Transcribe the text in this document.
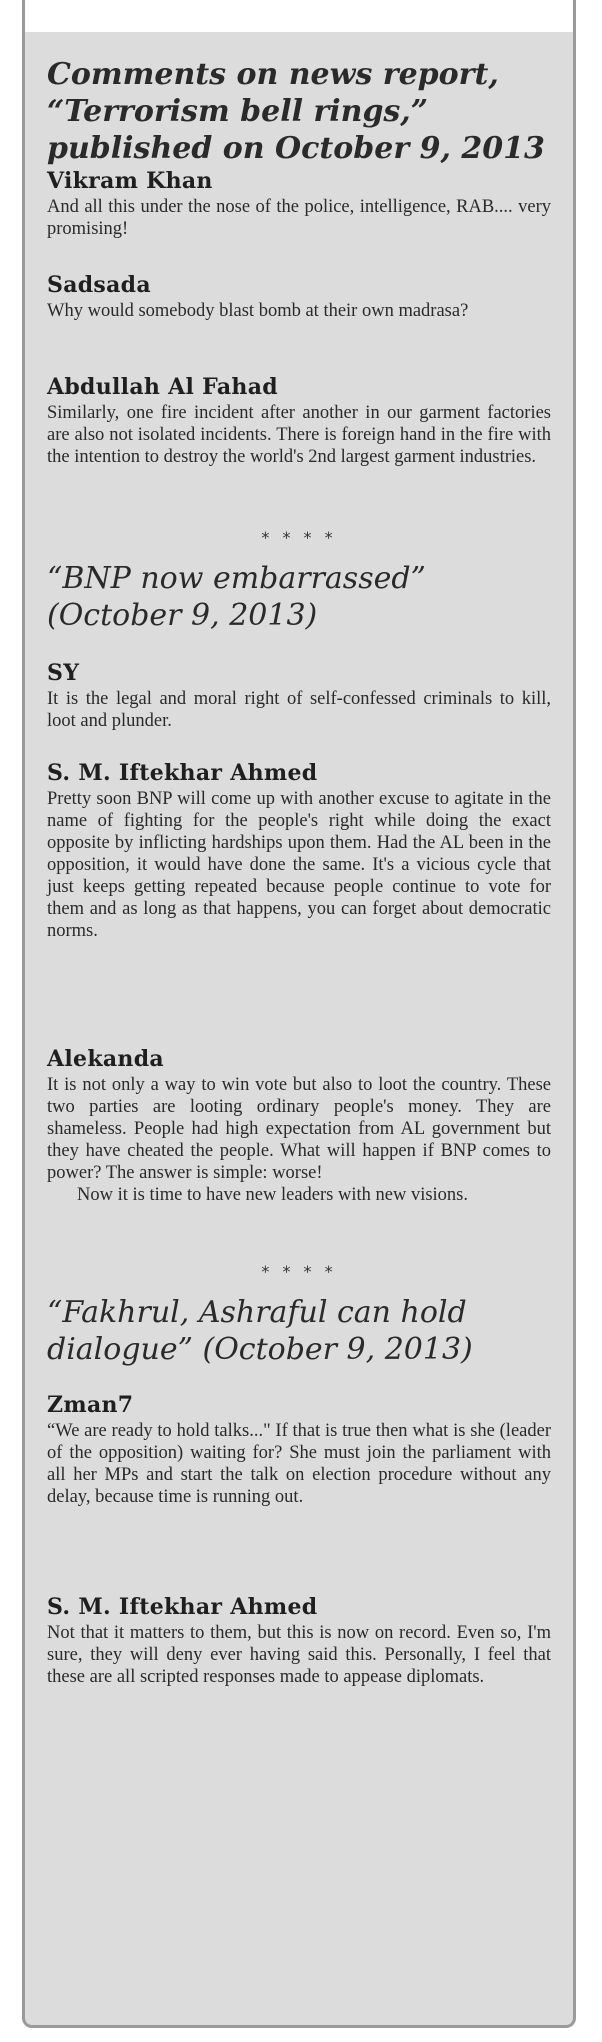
Comments on news report, “Terrorism bell rings,” published on October 9, 2013

Vikram Khan

And all this under the nose of the police, intelligence, RAB.... very promising!

Sadsada

Why would somebody blast bomb at their own madrasa?

Abdullah Al Fahad

Similarly, one fire incident after another in our garment factories are also not isolated incidents. There is foreign hand in the fire with the intention to destroy the world's 2nd largest garment industries.

* * * *

“BNP now embarrassed” (October 9, 2013)

SY

It is the legal and moral right of self-confessed criminals to kill, loot and plunder.

S. M. Iftekhar Ahmed

Pretty soon BNP will come up with another excuse to agitate in the name of fighting for the people's right while doing the exact opposite by inflicting hardships upon them. Had the AL been in the opposition, it would have done the same. It's a vicious cycle that just keeps getting repeated because people continue to vote for them and as long as that happens, you can forget about democratic norms.

Alekanda

It is not only a way to win vote but also to loot the country. These two parties are looting ordinary people's money. They are shameless. People had high expectation from AL government but they have cheated the people. What will happen if BNP comes to power? The answer is simple: worse!

Now it is time to have new leaders with new visions.

* * * *

“Fakhrul, Ashraful can hold dialogue” (October 9, 2013)

Zman7

“We are ready to hold talks..." If that is true then what is she (leader of the opposition) waiting for? She must join the parliament with all her MPs and start the talk on election procedure without any delay, because time is running out.

S. M. Iftekhar Ahmed

Not that it matters to them, but this is now on record. Even so, I'm sure, they will deny ever having said this. Personally, I feel that these are all scripted responses made to appease diplomats.
